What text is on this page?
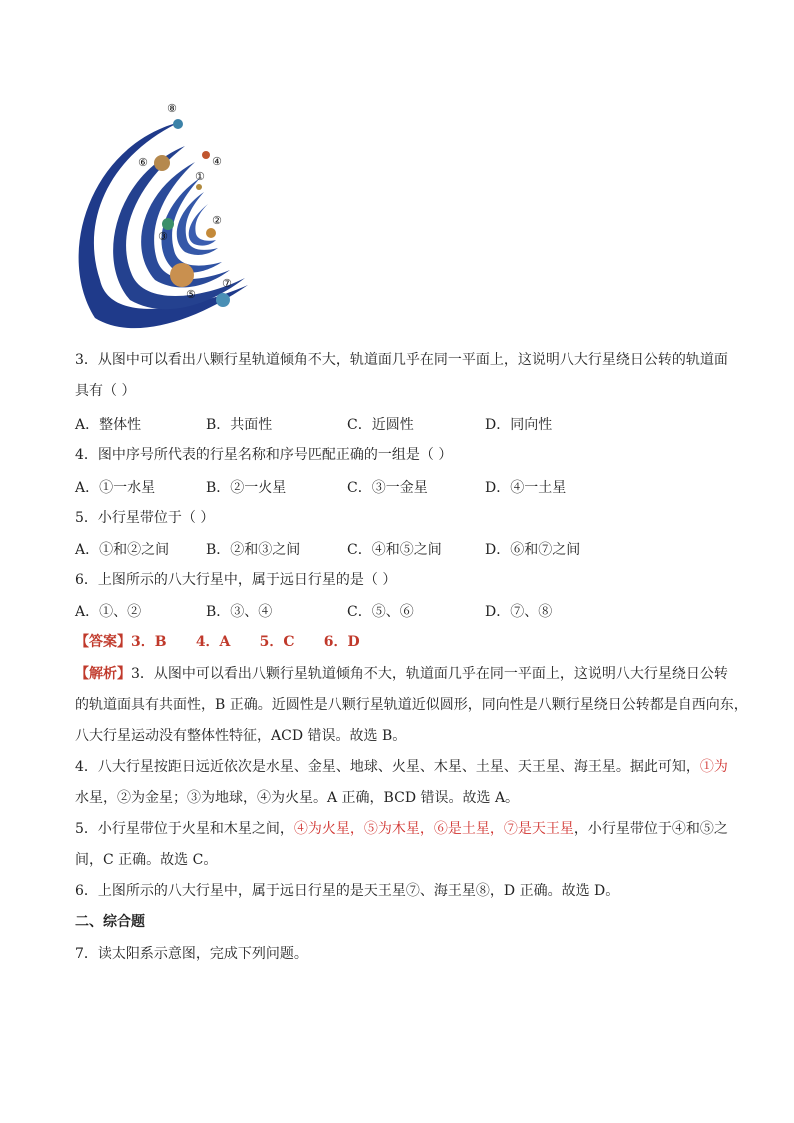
⑧
⑥	④
①
②
③
⑤
⑦
3．从图中可以看出八颗行星轨道倾角不大，轨道面几乎在同一平面上，这说明八大行星绕日公转的轨道面
具有（ ）
A．整体性	B．共面性	C．近圆性	D．同向性
4．图中序号所代表的行星名称和序号匹配正确的一组是（ ）
A．①一水星	B．②一火星	C．③一金星	D．④一土星
5．小行星带位于（ ）
A．①和②之间	B．②和③之间	C．④和⑤之间	D．⑥和⑦之间
6．上图所示的八大行星中，属于远日行星的是（ ）
A．①、②	B．③、④	C．⑤、⑥	D．⑦、⑧
【答案】3．B      4．A      5．C      6．D
【解析】3．从图中可以看出八颗行星轨道倾角不大，轨道面几乎在同一平面上，这说明八大行星绕日公转
的轨道面具有共面性，B 正确。近圆性是八颗行星轨道近似圆形，同向性是八颗行星绕日公转都是自西向东，
八大行星运动没有整体性特征，ACD 错误。故选 B。
4．八大行星按距日远近依次是水星、金星、地球、火星、木星、土星、天王星、海王星。据此可知，①为
水星，②为金星；③为地球，④为火星。A 正确，BCD 错误。故选 A。
5．小行星带位于火星和木星之间，④为火星，⑤为木星，⑥是土星，⑦是天王星，小行星带位于④和⑤之
间，C 正确。故选 C。
6．上图所示的八大行星中，属于远日行星的是天王星⑦、海王星⑧，D 正确。故选 D。
二、综合题
7．读太阳系示意图，完成下列问题。
